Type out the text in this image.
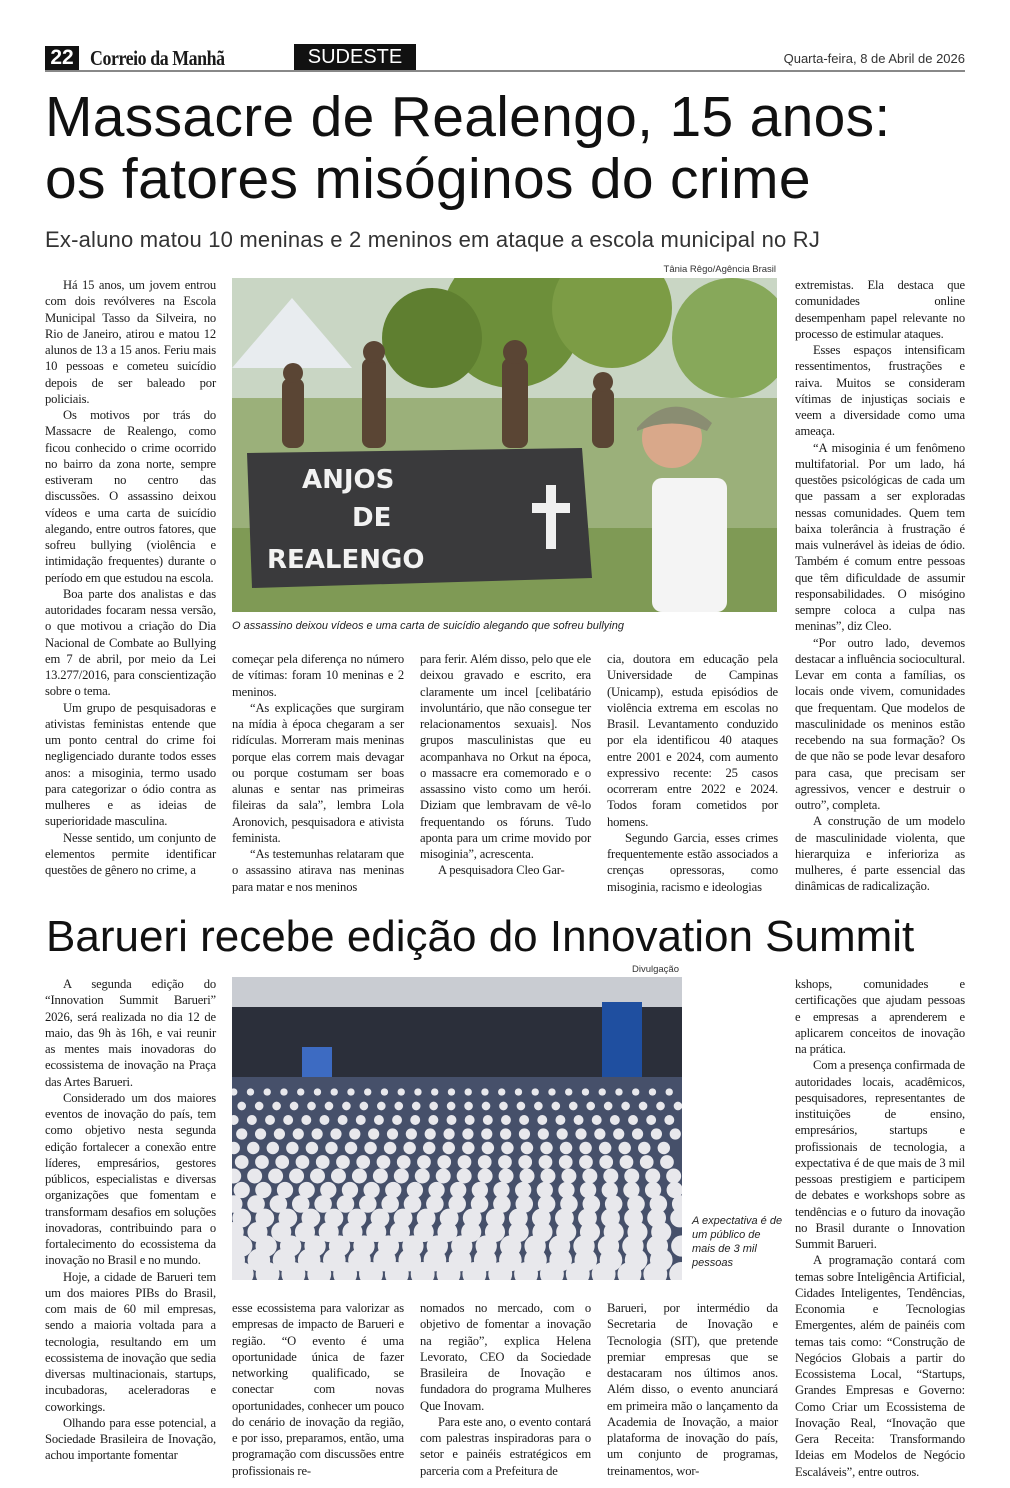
22 Correio da Manhã	SUDESTE	Quarta-feira, 8 de Abril de 2026
Massacre de Realengo, 15 anos:
os fatores misóginos do crime
Ex-aluno matou 10 meninas e 2 meninos em ataque a escola municipal no RJ
Tânia Rêgo/Agência Brasil
ANJOS DE REALENGO
O assassino deixou vídeos e uma carta de suicídio alegando que sofreu bullying

Há 15 anos, um jovem entrou com dois revólveres na Escola Municipal Tasso da Silveira, no Rio de Janeiro, atirou e matou 12 alunos de 13 a 15 anos. Feriu mais 10 pessoas e cometeu suicídio depois de ser baleado por policiais.

Os motivos por trás do Massacre de Realengo, como ficou conhecido o crime ocorrido no bairro da zona norte, sempre estiveram no centro das discussões. O assassino deixou vídeos e uma carta de suicídio alegando, entre outros fatores, que sofreu bullying (violência e intimidação frequentes) durante o período em que estudou na escola.

Boa parte dos analistas e das autoridades focaram nessa versão, o que motivou a criação do Dia Nacional de Combate ao Bullying em 7 de abril, por meio da Lei 13.277/2016, para conscientização sobre o tema.

Um grupo de pesquisadoras e ativistas feministas entende que um ponto central do crime foi negligenciado durante todos esses anos: a misoginia, termo usado para categorizar o ódio contra as mulheres e as ideias de superioridade masculina.

Nesse sentido, um conjunto de elementos permite identificar questões de gênero no crime, a

começar pela diferença no número de vítimas: foram 10 meninas e 2 meninos.

“As explicações que surgiram na mídia à época chegaram a ser ridículas. Morreram mais meninas porque elas correm mais devagar ou porque costumam ser boas alunas e sentar nas primeiras fileiras da sala”, lembra Lola Aronovich, pesquisadora e ativista feminista.

“As testemunhas relataram que o assassino atirava nas meninas para matar e nos meninos

para ferir. Além disso, pelo que ele deixou gravado e escrito, era claramente um incel [celibatário involuntário, que não consegue ter relacionamentos sexuais]. Nos grupos masculinistas que eu acompanhava no Orkut na época, o massacre era comemorado e o assassino visto como um herói. Diziam que lembravam de vê-lo frequentando os fóruns. Tudo aponta para um crime movido por misoginia”, acrescenta.

A pesquisadora Cleo Gar-

cia, doutora em educação pela Universidade de Campinas (Unicamp), estuda episódios de violência extrema em escolas no Brasil. Levantamento conduzido por ela identificou 40 ataques entre 2001 e 2024, com aumento expressivo recente: 25 casos ocorreram entre 2022 e 2024. Todos foram cometidos por homens.

Segundo Garcia, esses crimes frequentemente estão associados a crenças opressoras, como misoginia, racismo e ideologias

extremistas. Ela destaca que comunidades online desempenham papel relevante no processo de estimular ataques.

Esses espaços intensificam ressentimentos, frustrações e raiva. Muitos se consideram vítimas de injustiças sociais e veem a diversidade como uma ameaça.

“A misoginia é um fenômeno multifatorial. Por um lado, há questões psicológicas de cada um que passam a ser exploradas nessas comunidades. Quem tem baixa tolerância à frustração é mais vulnerável às ideias de ódio. Também é comum entre pessoas que têm dificuldade de assumir responsabilidades. O misógino sempre coloca a culpa nas meninas”, diz Cleo.

“Por outro lado, devemos destacar a influência sociocultural. Levar em conta a famílias, os locais onde vivem, comunidades que frequentam. Que modelos de masculinidade os meninos estão recebendo na sua formação? Os de que não se pode levar desaforo para casa, que precisam ser agressivos, vencer e destruir o outro”, completa.

A construção de um modelo de masculinidade violenta, que hierarquiza e inferioriza as mulheres, é parte essencial das dinâmicas de radicalização.

Barueri recebe edição do Innovation Summit
Divulgação
A expectativa é de um público de mais de 3 mil pessoas

A segunda edição do “Innovation Summit Barueri” 2026, será realizada no dia 12 de maio, das 9h às 16h, e vai reunir as mentes mais inovadoras do ecossistema de inovação na Praça das Artes Barueri.

Considerado um dos maiores eventos de inovação do país, tem como objetivo nesta segunda edição fortalecer a conexão entre líderes, empresários, gestores públicos, especialistas e diversas organizações que fomentam e transformam desafios em soluções inovadoras, contribuindo para o fortalecimento do ecossistema da inovação no Brasil e no mundo.

Hoje, a cidade de Barueri tem um dos maiores PIBs do Brasil, com mais de 60 mil empresas, sendo a maioria voltada para a tecnologia, resultando em um ecossistema de inovação que sedia diversas multinacionais, startups, incubadoras, aceleradoras e coworkings.

Olhando para esse potencial, a Sociedade Brasileira de Inovação, achou importante fomentar

esse ecossistema para valorizar as empresas de impacto de Barueri e região. “O evento é uma oportunidade única de fazer networking qualificado, se conectar com novas oportunidades, conhecer um pouco do cenário de inovação da região, e por isso, preparamos, então, uma programação com discussões entre profissionais re-

nomados no mercado, com o objetivo de fomentar a inovação na região”, explica Helena Levorato, CEO da Sociedade Brasileira de Inovação e fundadora do programa Mulheres Que Inovam.

Para este ano, o evento contará com palestras inspiradoras para o setor e painéis estratégicos em parceria com a Prefeitura de

Barueri, por intermédio da Secretaria de Inovação e Tecnologia (SIT), que pretende premiar empresas que se destacaram nos últimos anos. Além disso, o evento anunciará em primeira mão o lançamento da Academia de Inovação, a maior plataforma de inovação do país, um conjunto de programas, treinamentos, wor-

kshops, comunidades e certificações que ajudam pessoas e empresas a aprenderem e aplicarem conceitos de inovação na prática.

Com a presença confirmada de autoridades locais, acadêmicos, pesquisadores, representantes de instituições de ensino, empresários, startups e profissionais de tecnologia, a expectativa é de que mais de 3 mil pessoas prestigiem e participem de debates e workshops sobre as tendências e o futuro da inovação no Brasil durante o Innovation Summit Barueri.

A programação contará com temas sobre Inteligência Artificial, Cidades Inteligentes, Tendências, Economia e Tecnologias Emergentes, além de painéis com temas tais como: “Construção de Negócios Globais a partir do Ecossistema Local, “Startups, Grandes Empresas e Governo: Como Criar um Ecossistema de Inovação Real, “Inovação que Gera Receita: Transformando Ideias em Modelos de Negócio Escaláveis”, entre outros.
